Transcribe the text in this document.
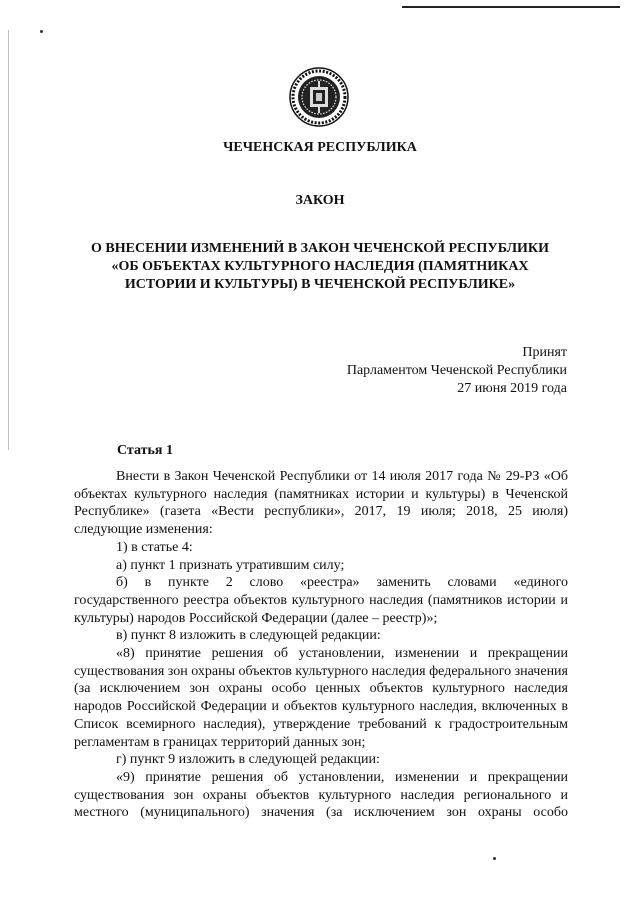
ЧЕЧЕНСКАЯ РЕСПУБЛИКА
ЗАКОН
О ВНЕСЕНИИ ИЗМЕНЕНИЙ В ЗАКОН ЧЕЧЕНСКОЙ РЕСПУБЛИКИ
«ОБ ОБЪЕКТАХ КУЛЬТУРНОГО НАСЛЕДИЯ (ПАМЯТНИКАХ
ИСТОРИИ И КУЛЬТУРЫ) В ЧЕЧЕНСКОЙ РЕСПУБЛИКЕ»
Принят
Парламентом Чеченской Республики
27 июня 2019 года
Статья 1

Внести в Закон Чеченской Республики от 14 июля 2017 года № 29-РЗ «Об объектах культурного наследия (памятниках истории и культуры) в Чеченской Республике» (газета «Вести республики», 2017, 19 июля; 2018, 25 июля) следующие изменения:

1) в статье 4:

а) пункт 1 признать утратившим силу;

б) в пункте 2 слово «реестра» заменить словами «единого государственного реестра объектов культурного наследия (памятников истории и культуры) народов Российской Федерации (далее – реестр)»;

в) пункт 8 изложить в следующей редакции:

«8) принятие решения об установлении, изменении и прекращении существования зон охраны объектов культурного наследия федерального значения (за исключением зон охраны особо ценных объектов культурного наследия народов Российской Федерации и объектов культурного наследия, включенных в Список всемирного наследия), утверждение требований к градостроительным регламентам в границах территорий данных зон;

г) пункт 9 изложить в следующей редакции:

«9) принятие решения об установлении, изменении и прекращении существования зон охраны объектов культурного наследия регионального и местного (муниципального) значения (за исключением зон охраны особо
